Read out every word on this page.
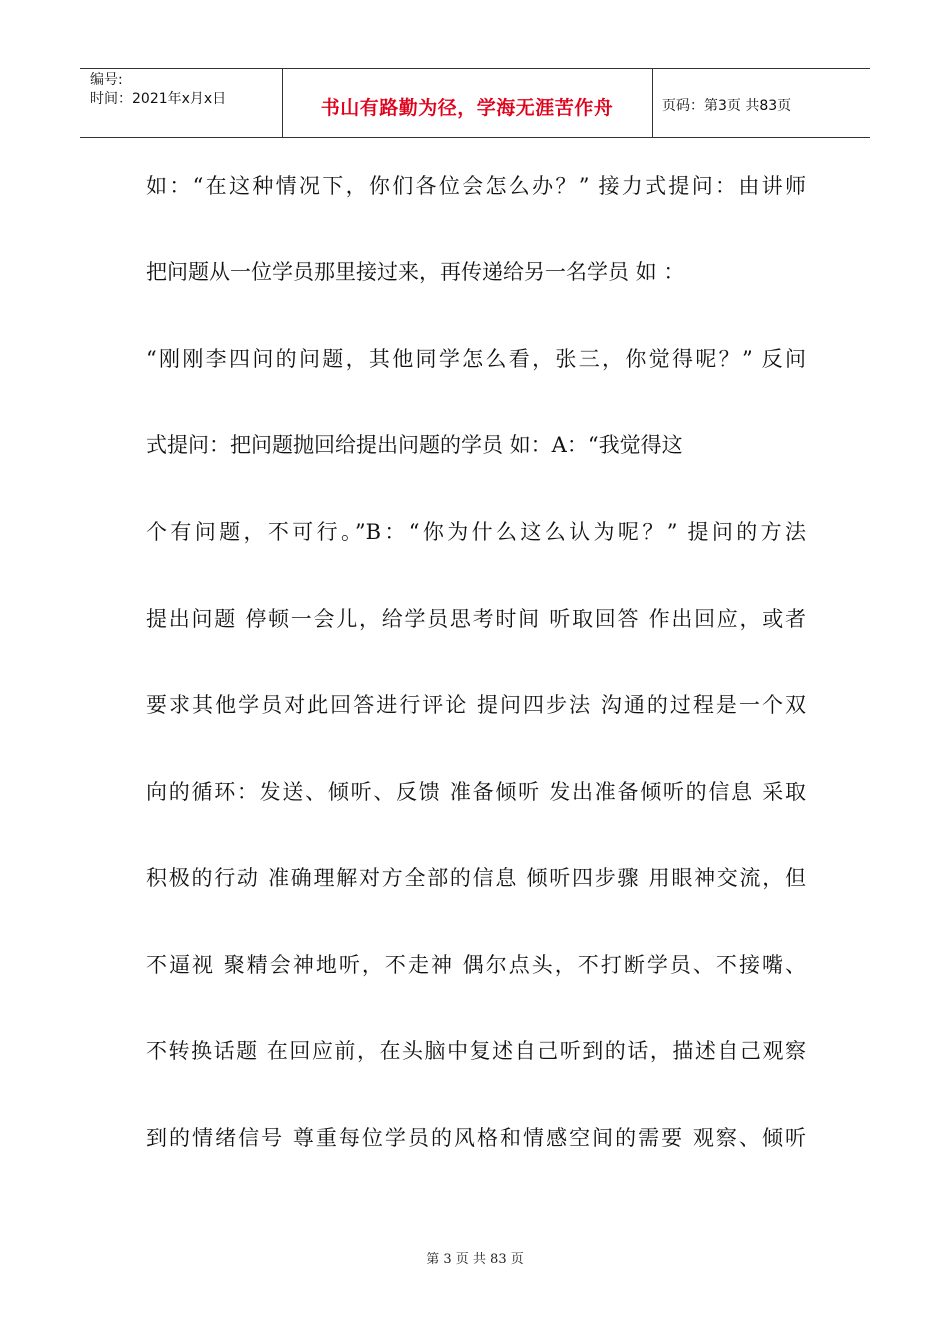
编号:
时间：2021年x月x日	书山有路勤为径，学海无涯苦作舟	页码：第3页 共83页
如：“在这种情况下，你们各位会怎么办？” 接力式提问：由讲师
把问题从一位学员那里接过来，再传递给另一名学员 如 ：
“刚刚李四问的问题，其他同学怎么看，张三，你觉得呢？” 反问
式提问：把问题抛回给提出问题的学员 如：A：“我觉得这
个有问题，不可行。”B：“你为什么这么认为呢？” 提问的方法
提出问题 停顿一会儿，给学员思考时间 听取回答 作出回应，或者
要求其他学员对此回答进行评论 提问四步法 沟通的过程是一个双
向的循环：发送、倾听、反馈 准备倾听 发出准备倾听的信息 采取
积极的行动 准确理解对方全部的信息 倾听四步骤 用眼神交流，但
不逼视 聚精会神地听，不走神 偶尔点头，不打断学员、不接嘴、
不转换话题 在回应前，在头脑中复述自己听到的话，描述自己观察
到的情绪信号 尊重每位学员的风格和情感空间的需要 观察、倾听
第 3 页 共 83 页
